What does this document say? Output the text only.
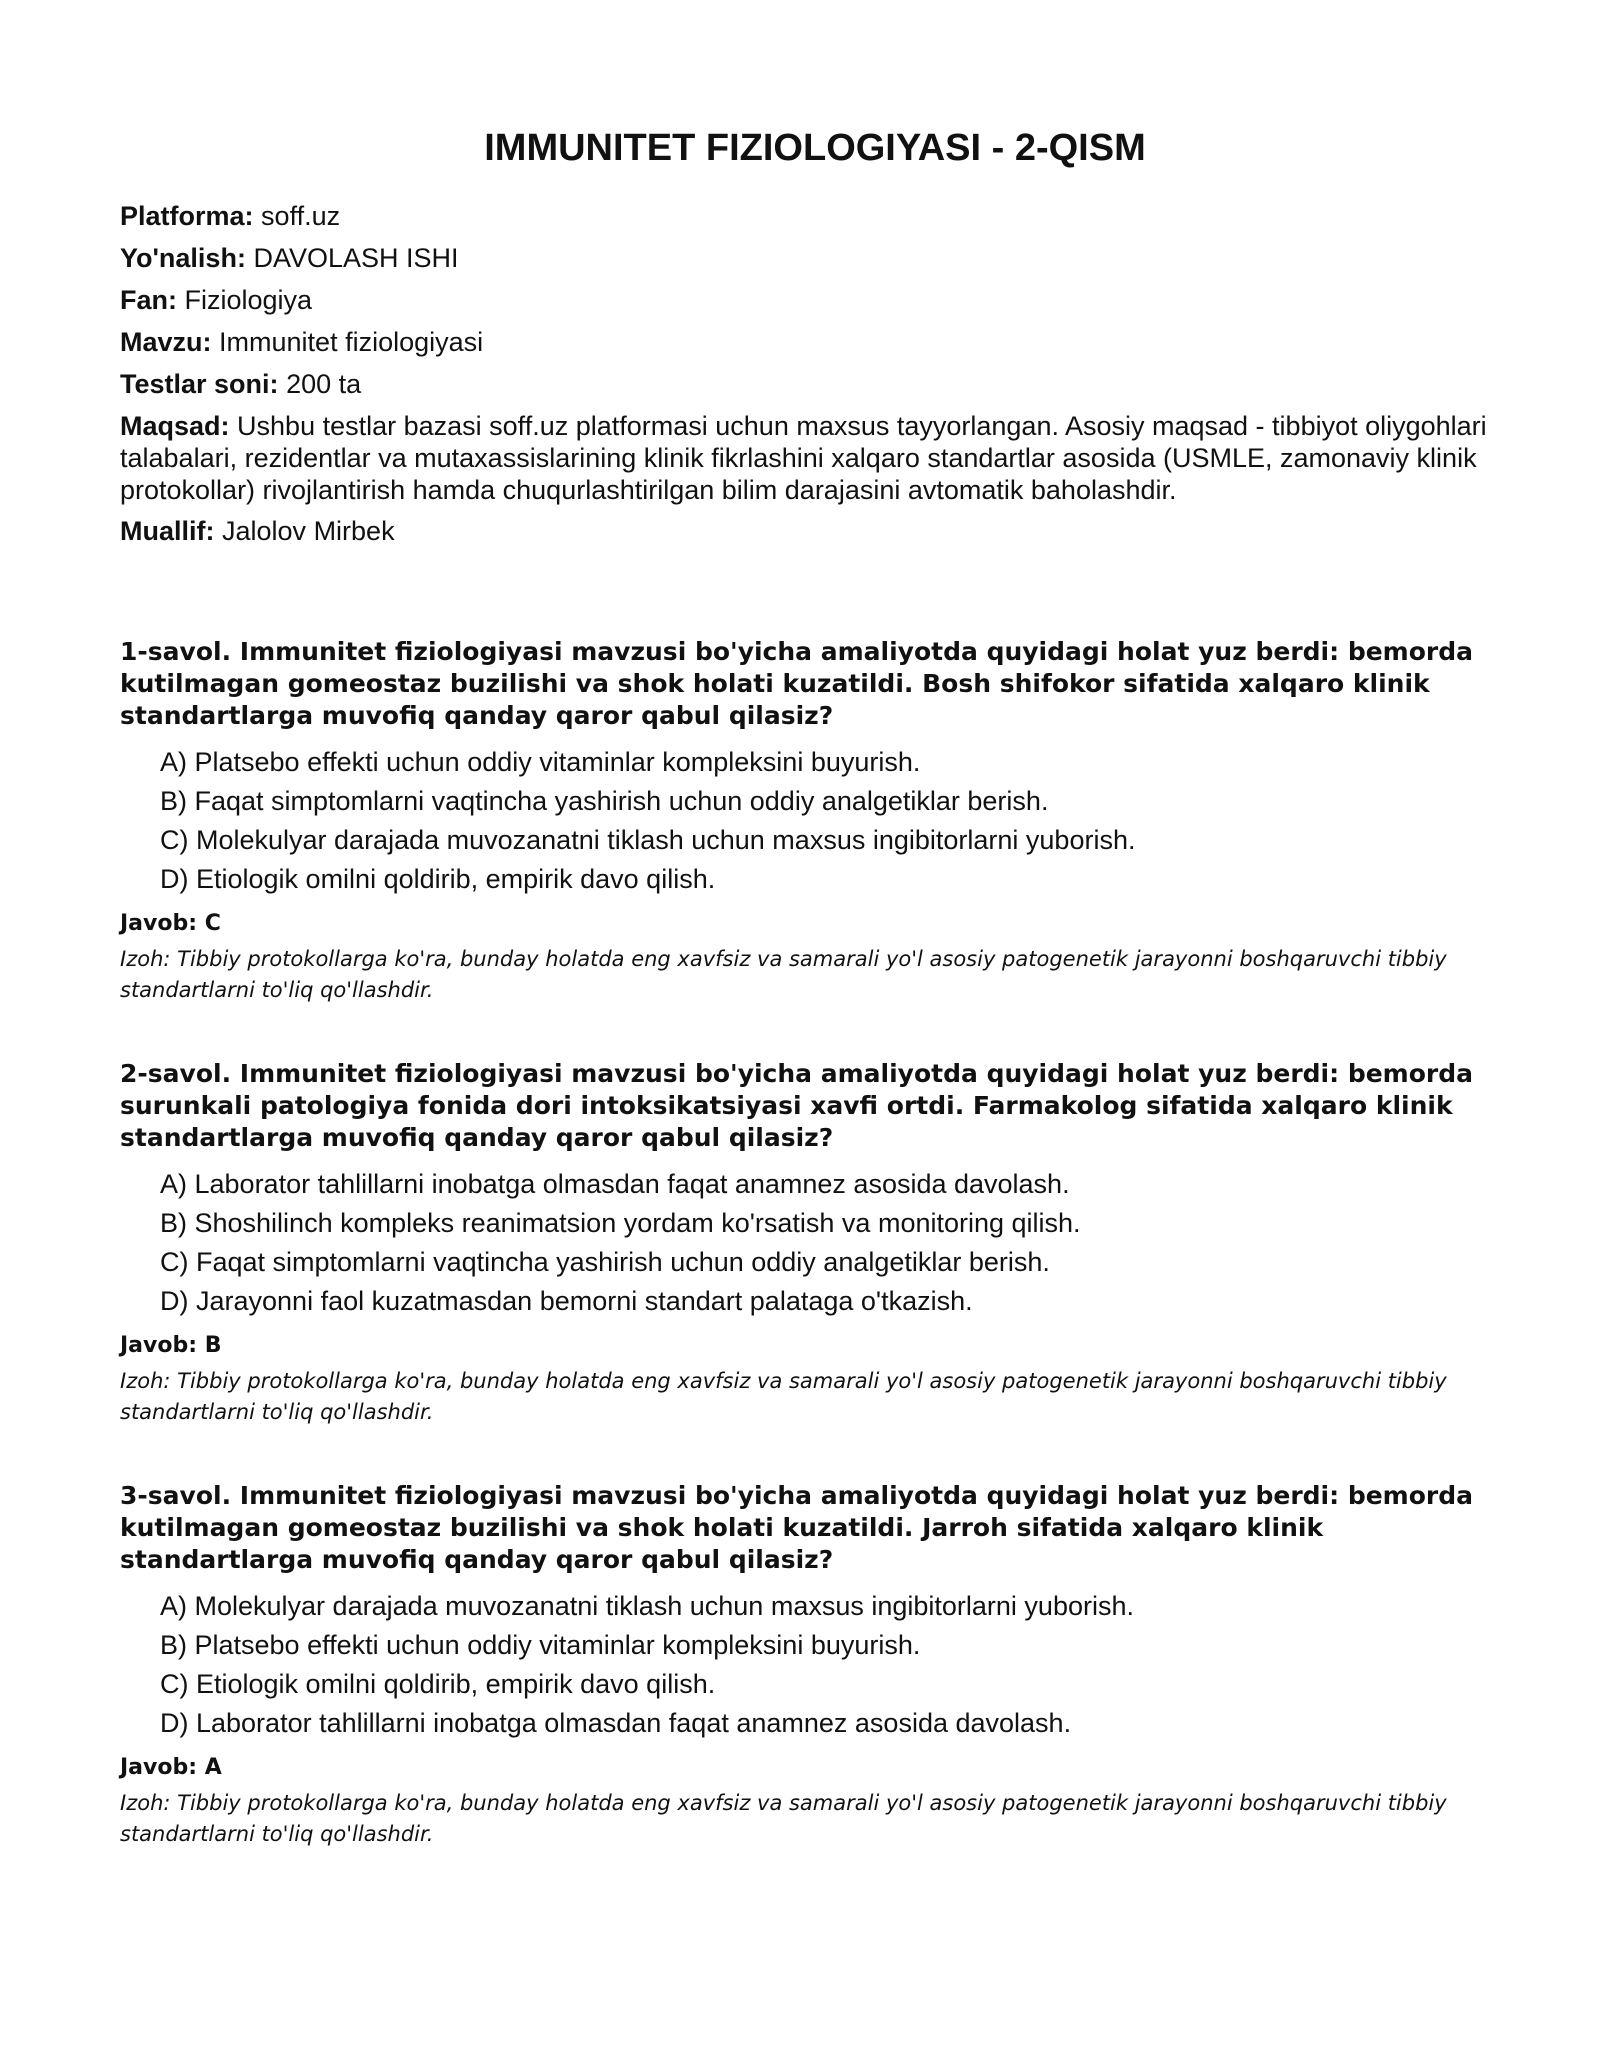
IMMUNITET FIZIOLOGIYASI - 2-QISM
Platforma: soff.uz
Yo'nalish: DAVOLASH ISHI
Fan: Fiziologiya
Mavzu: Immunitet fiziologiyasi
Testlar soni: 200 ta
Maqsad: Ushbu testlar bazasi soff.uz platformasi uchun maxsus tayyorlangan. Asosiy maqsad - tibbiyot oliygohlari talabalari, rezidentlar va mutaxassislarining klinik fikrlashini xalqaro standartlar asosida (USMLE, zamonaviy klinik protokollar) rivojlantirish hamda chuqurlashtirilgan bilim darajasini avtomatik baholashdir.
Muallif: Jalolov Mirbek

1-savol. Immunitet fiziologiyasi mavzusi bo'yicha amaliyotda quyidagi holat yuz berdi: bemorda kutilmagan gomeostaz buzilishi va shok holati kuzatildi. Bosh shifokor sifatida xalqaro klinik standartlarga muvofiq qanday qaror qabul qilasiz?

A) Platsebo effekti uchun oddiy vitaminlar kompleksini buyurish.
B) Faqat simptomlarni vaqtincha yashirish uchun oddiy analgetiklar berish.
C) Molekulyar darajada muvozanatni tiklash uchun maxsus ingibitorlarni yuborish.
D) Etiologik omilni qoldirib, empirik davo qilish.
Javob: C
Izoh: Tibbiy protokollarga ko'ra, bunday holatda eng xavfsiz va samarali yo'l asosiy patogenetik jarayonni boshqaruvchi tibbiy standartlarni to'liq qo'llashdir.

2-savol. Immunitet fiziologiyasi mavzusi bo'yicha amaliyotda quyidagi holat yuz berdi: bemorda surunkali patologiya fonida dori intoksikatsiyasi xavfi ortdi. Farmakolog sifatida xalqaro klinik standartlarga muvofiq qanday qaror qabul qilasiz?

A) Laborator tahlillarni inobatga olmasdan faqat anamnez asosida davolash.
B) Shoshilinch kompleks reanimatsion yordam ko'rsatish va monitoring qilish.
C) Faqat simptomlarni vaqtincha yashirish uchun oddiy analgetiklar berish.
D) Jarayonni faol kuzatmasdan bemorni standart palataga o'tkazish.
Javob: B
Izoh: Tibbiy protokollarga ko'ra, bunday holatda eng xavfsiz va samarali yo'l asosiy patogenetik jarayonni boshqaruvchi tibbiy standartlarni to'liq qo'llashdir.

3-savol. Immunitet fiziologiyasi mavzusi bo'yicha amaliyotda quyidagi holat yuz berdi: bemorda kutilmagan gomeostaz buzilishi va shok holati kuzatildi. Jarroh sifatida xalqaro klinik standartlarga muvofiq qanday qaror qabul qilasiz?

A) Molekulyar darajada muvozanatni tiklash uchun maxsus ingibitorlarni yuborish.
B) Platsebo effekti uchun oddiy vitaminlar kompleksini buyurish.
C) Etiologik omilni qoldirib, empirik davo qilish.
D) Laborator tahlillarni inobatga olmasdan faqat anamnez asosida davolash.
Javob: A
Izoh: Tibbiy protokollarga ko'ra, bunday holatda eng xavfsiz va samarali yo'l asosiy patogenetik jarayonni boshqaruvchi tibbiy standartlarni to'liq qo'llashdir.
